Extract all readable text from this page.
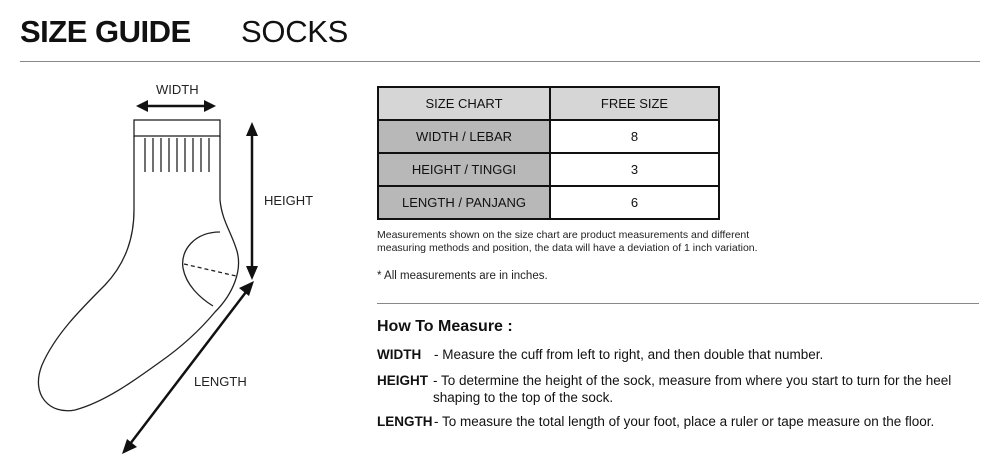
SIZE GUIDE SOCKS
WIDTH
HEIGHT
LENGTH
SIZE CHART	FREE SIZE
WIDTH / LEBAR	8
HEIGHT / TINGGI	3
LENGTH / PANJANG	6
Measurements shown on the size chart are product measurements and different measuring methods and position, the data will have a deviation of 1 inch variation.
* All measurements are in inches.
How To Measure :
WIDTH - Measure the cuff from left to right, and then double that number.
HEIGHT - To determine the height of the sock, measure from where you start to turn for the heel shaping to the top of the sock.
LENGTH - To measure the total length of your foot, place a ruler or tape measure on the floor.
